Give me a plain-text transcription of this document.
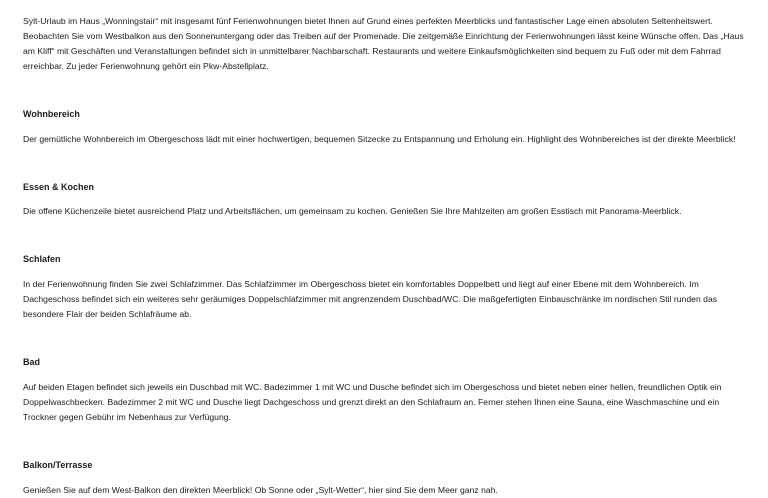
Sylt-Urlaub im Haus „Wonningstair“ mit insgesamt fünf Ferienwohnungen bietet Ihnen auf Grund eines perfekten Meerblicks und fantastischer Lage einen absoluten Seltenheitswert. Beobachten Sie vom Westbalkon aus den Sonnenuntergang oder das Treiben auf der Promenade. Die zeitgemäße Einrichtung der Ferienwohnungen lässt keine Wünsche offen. Das „Haus am Kliff“ mit Geschäften und Veranstaltungen befindet sich in unmittelbarer Nachbarschaft. Restaurants und weitere Einkaufsmöglichkeiten sind bequem zu Fuß oder mit dem Fahrrad erreichbar. Zu jeder Ferienwohnung gehört ein Pkw-Abstellplatz.

Wohnbereich

Der gemütliche Wohnbereich im Obergeschoss lädt mit einer hochwertigen, bequemen Sitzecke zu Entspannung und Erholung ein. Highlight des Wohnbereiches ist der direkte Meerblick!

Essen & Kochen

Die offene Küchenzeile bietet ausreichend Platz und Arbeitsflächen, um gemeinsam zu kochen. Genießen Sie Ihre Mahlzeiten am großen Esstisch mit Panorama-Meerblick.

Schlafen

In der Ferienwohnung finden Sie zwei Schlafzimmer. Das Schlafzimmer im Obergeschoss bietet ein komfortables Doppelbett und liegt auf einer Ebene mit dem Wohnbereich. Im Dachgeschoss befindet sich ein weiteres sehr geräumiges Doppelschlafzimmer mit angrenzendem Duschbad/WC. Die maßgefertigten Einbauschränke im nordischen Stil runden das besondere Flair der beiden Schlafräume ab.

Bad

Auf beiden Etagen befindet sich jeweils ein Duschbad mit WC. Badezimmer 1 mit WC und Dusche befindet sich im Obergeschoss und bietet neben einer hellen, freundlichen Optik ein Doppelwaschbecken. Badezimmer 2 mit WC und Dusche liegt Dachgeschoss und grenzt direkt an den Schlafraum an. Ferner stehen Ihnen eine Sauna, eine Waschmaschine und ein Trockner gegen Gebühr im Nebenhaus zur Verfügung.

Balkon/Terrasse

Genießen Sie auf dem West-Balkon den direkten Meerblick! Ob Sonne oder „Sylt-Wetter“, hier sind Sie dem Meer ganz nah.
